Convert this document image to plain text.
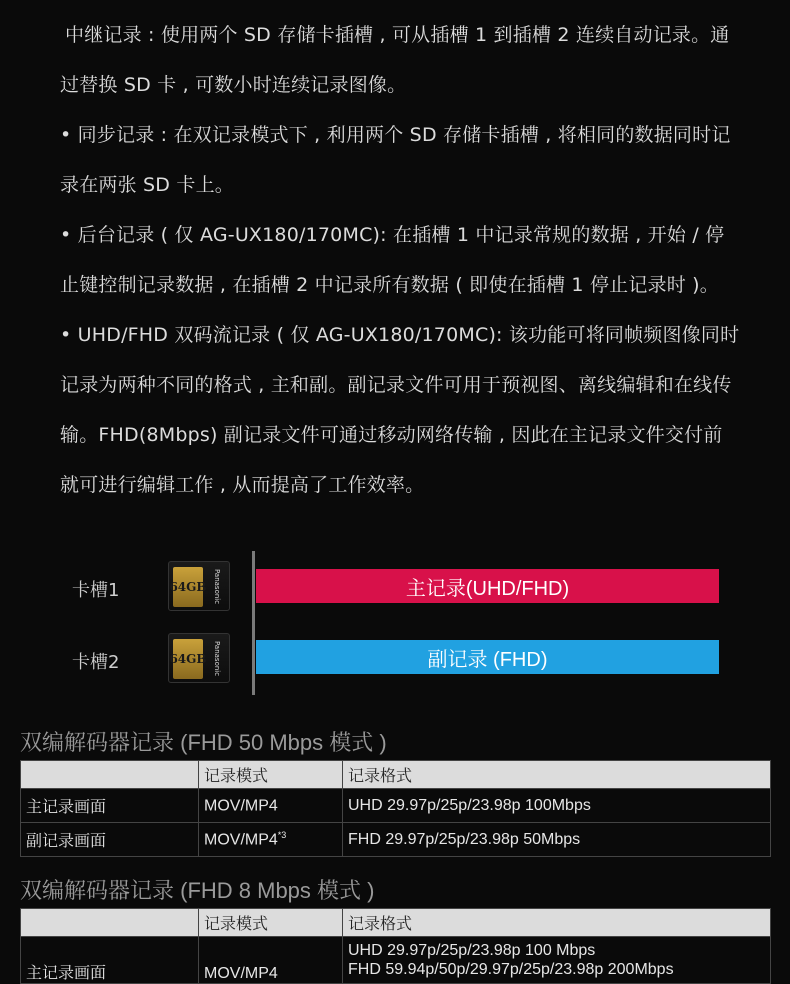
中继记录 : 使用两个 SD 存储卡插槽 , 可从插槽 1 到插槽 2 连续自动记录。通过替换 SD 卡 , 可数小时连续记录图像。

• 同步记录 : 在双记录模式下 , 利用两个 SD 存储卡插槽 , 将相同的数据同时记录在两张 SD 卡上。

• 后台记录 ( 仅 AG-UX180/170MC): 在插槽 1 中记录常规的数据 , 开始 / 停止键控制记录数据 , 在插槽 2 中记录所有数据 ( 即使在插槽 1 停止记录时 )。

• UHD/FHD 双码流记录 ( 仅 AG-UX180/170MC): 该功能可将同帧频图像同时记录为两种不同的格式 , 主和副。副记录文件可用于预视图、离线编辑和在线传输。FHD(8Mbps) 副记录文件可通过移动网络传输 , 因此在主记录文件交付前就可进行编辑工作 , 从而提高了工作效率。

卡槽1	64GB Panasonic
卡槽2	64GB Panasonic
主记录(UHD/FHD)
副记录 (FHD)
双编解码器记录 (FHD 50 Mbps 模式 )
	记录模式	记录格式
主记录画面	MOV/MP4	UHD 29.97p/25p/23.98p 100Mbps
副记录画面	MOV/MP4$^{*3}$	FHD 29.97p/25p/23.98p 50Mbps
双编解码器记录 (FHD 8 Mbps 模式 )
	记录模式	记录格式
主记录画面	MOV/MP4	UHD 29.97p/25p/23.98p 100 Mbps
FHD 59.94p/50p/29.97p/25p/23.98p 200Mbps
